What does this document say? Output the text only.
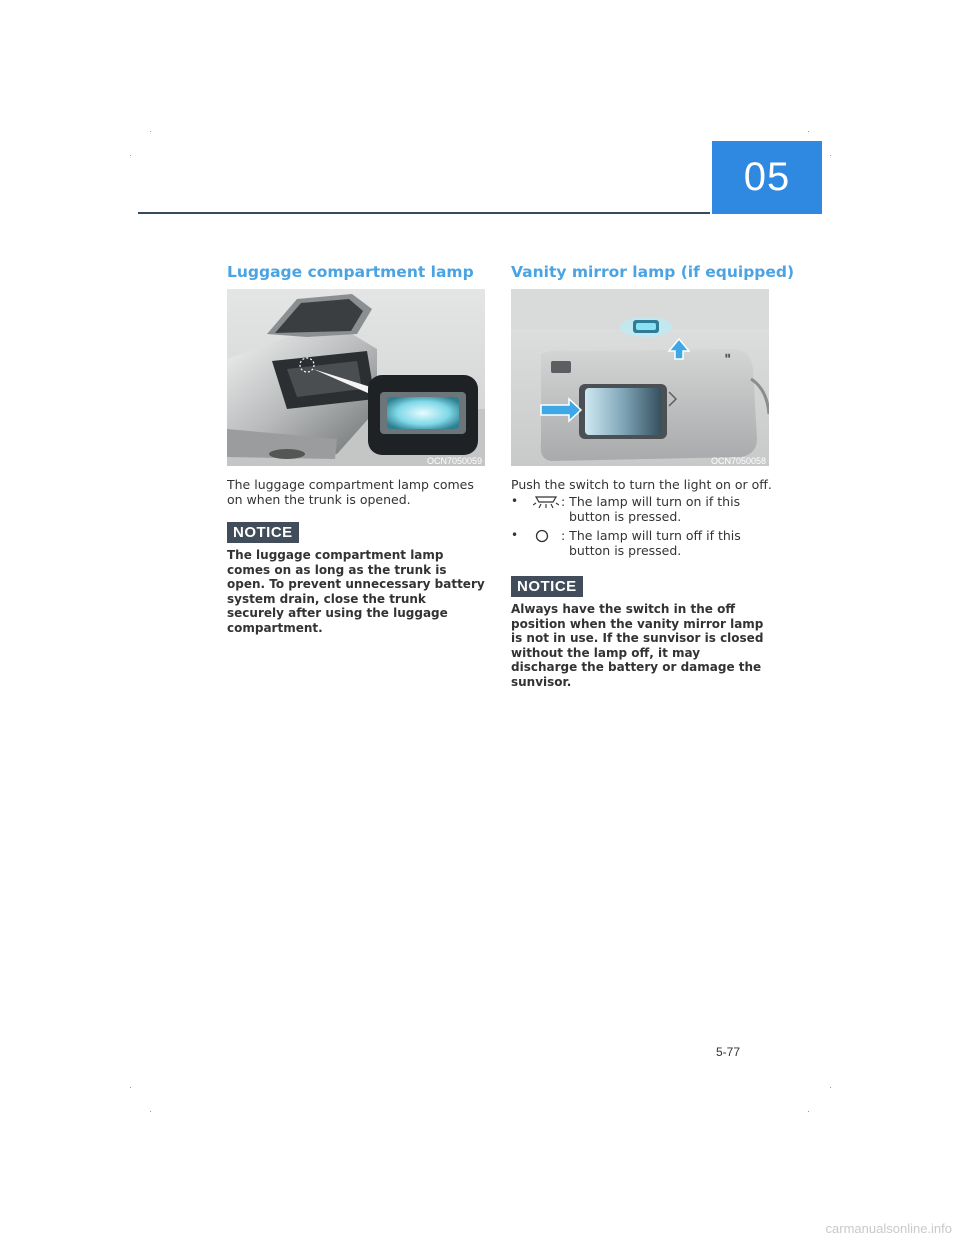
05
Luggage compartment lamp
OCN7050059

The luggage compartment lamp comes on when the trunk is opened.

NOTICE

The luggage compartment lamp comes on as long as the trunk is open. To prevent unnecessary battery system drain, close the trunk securely after using the luggage compartment.

Vanity mirror lamp (if equipped)
▮▮
OCN7050058

Push the switch to turn the light on or off.

•	: The lamp will turn on if this button is pressed.
•	: The lamp will turn off if this button is pressed.
NOTICE

Always have the switch in the off position when the vanity mirror lamp is not in use. If the sunvisor is closed without the lamp off, it may discharge the battery or damage the sunvisor.

5-77
carmanualsonline.info
